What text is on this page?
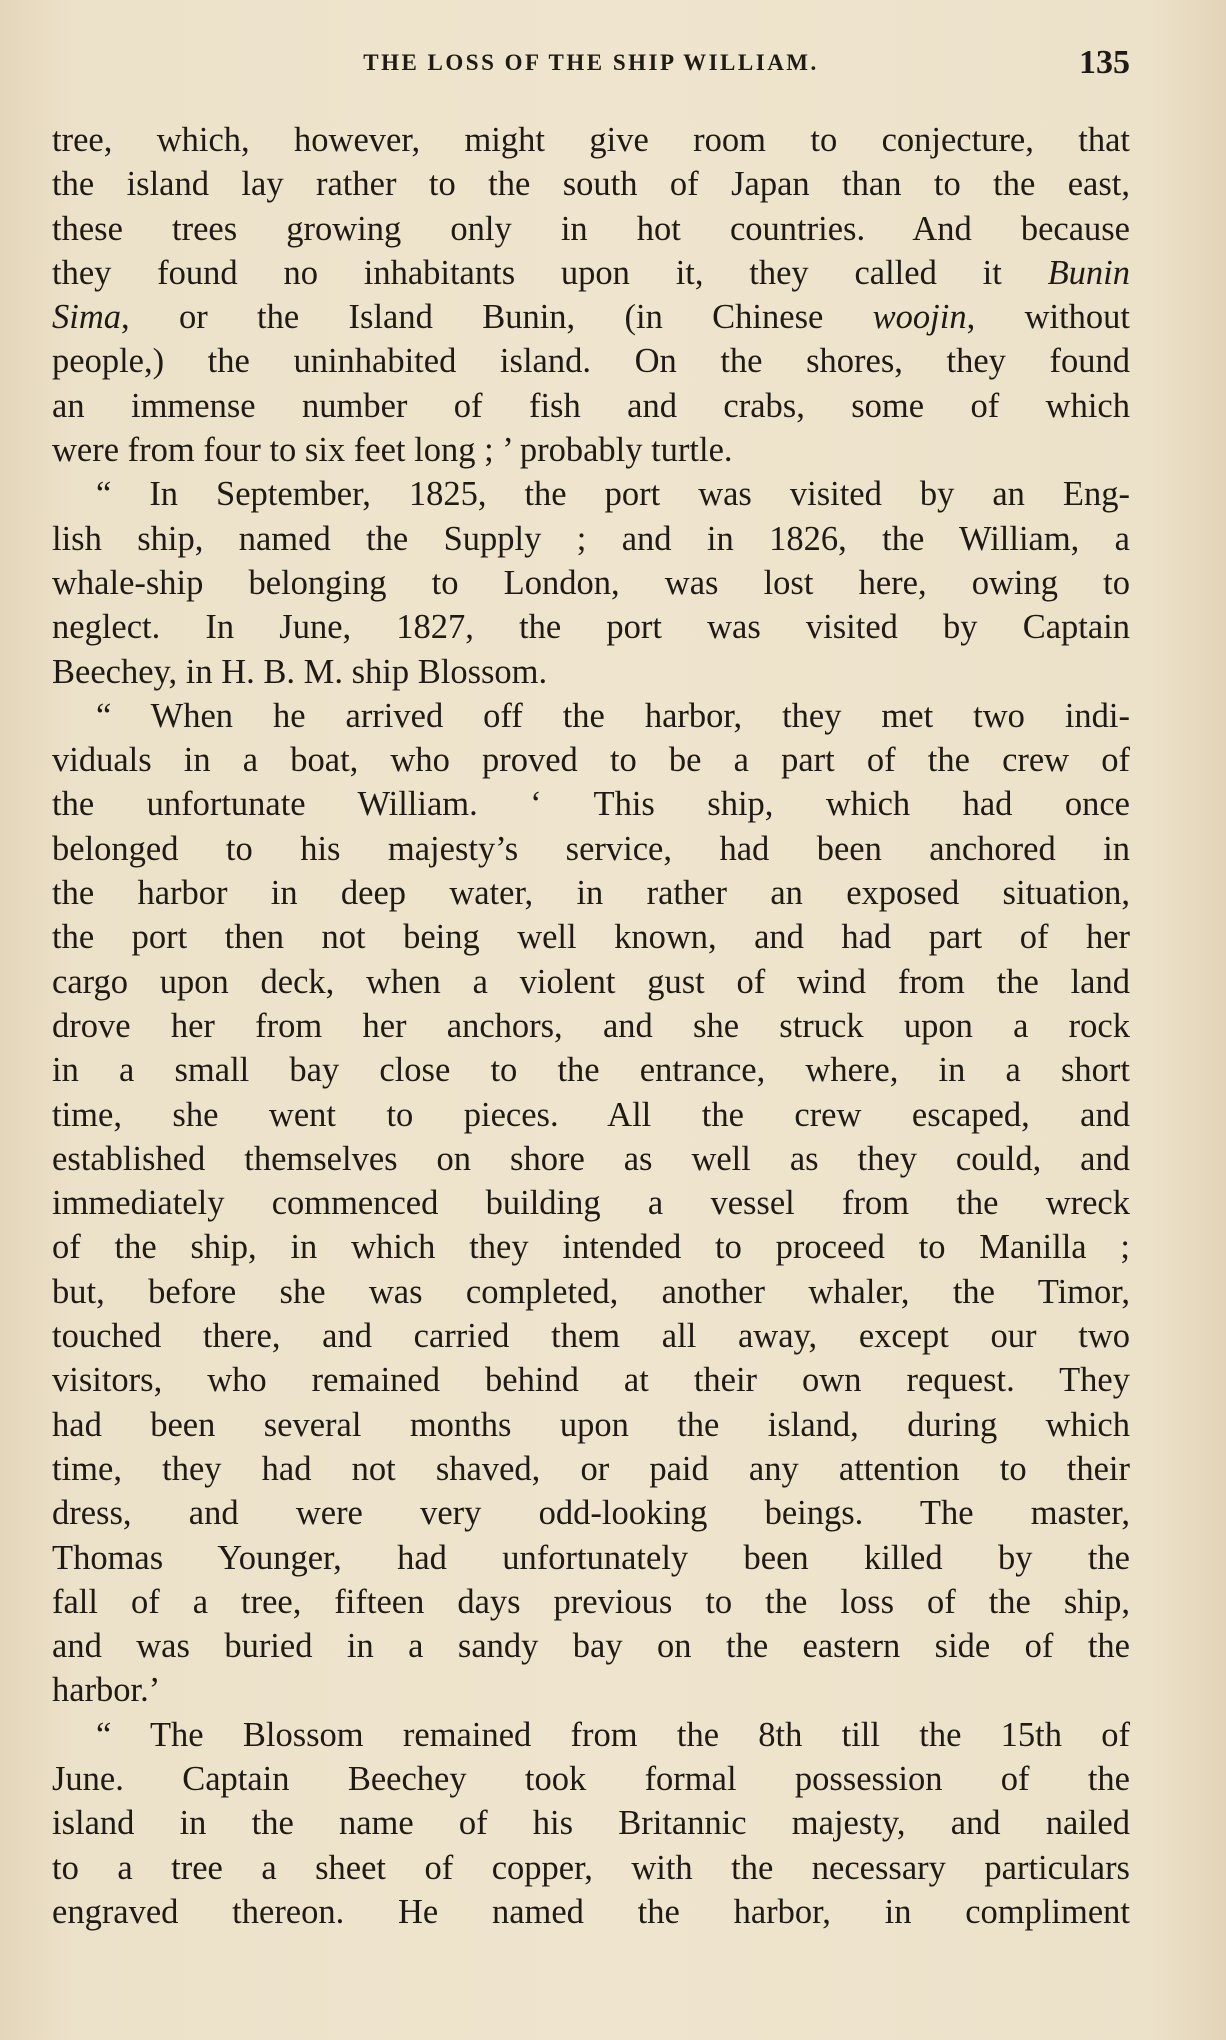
THE LOSS OF THE SHIP WILLIAM.	135
tree, which, however, might give room to conjecture, that
the island lay rather to the south of Japan than to the east,
these trees growing only in hot countries. And because
they found no inhabitants upon it, they called it Bunin
Sima, or the Island Bunin, (in Chinese woojin, without
people,) the uninhabited island. On the shores, they found
an immense number of fish and crabs, some of which
were from four to six feet long ; ’ probably turtle.
“ In September, 1825, the port was visited by an Eng-
lish ship, named the Supply ; and in 1826, the William, a
whale-ship belonging to London, was lost here, owing to
neglect. In June, 1827, the port was visited by Captain
Beechey, in H. B. M. ship Blossom.
“ When he arrived off the harbor, they met two indi-
viduals in a boat, who proved to be a part of the crew of
the unfortunate William. ‘ This ship, which had once
belonged to his majesty’s service, had been anchored in
the harbor in deep water, in rather an exposed situation,
the port then not being well known, and had part of her
cargo upon deck, when a violent gust of wind from the land
drove her from her anchors, and she struck upon a rock
in a small bay close to the entrance, where, in a short
time, she went to pieces. All the crew escaped, and
established themselves on shore as well as they could, and
immediately commenced building a vessel from the wreck
of the ship, in which they intended to proceed to Manilla ;
but, before she was completed, another whaler, the Timor,
touched there, and carried them all away, except our two
visitors, who remained behind at their own request. They
had been several months upon the island, during which
time, they had not shaved, or paid any attention to their
dress, and were very odd-looking beings. The master,
Thomas Younger, had unfortunately been killed by the
fall of a tree, fifteen days previous to the loss of the ship,
and was buried in a sandy bay on the eastern side of the
harbor.’
“ The Blossom remained from the 8th till the 15th of
June. Captain Beechey took formal possession of the
island in the name of his Britannic majesty, and nailed
to a tree a sheet of copper, with the necessary particulars
engraved thereon. He named the harbor, in compliment
